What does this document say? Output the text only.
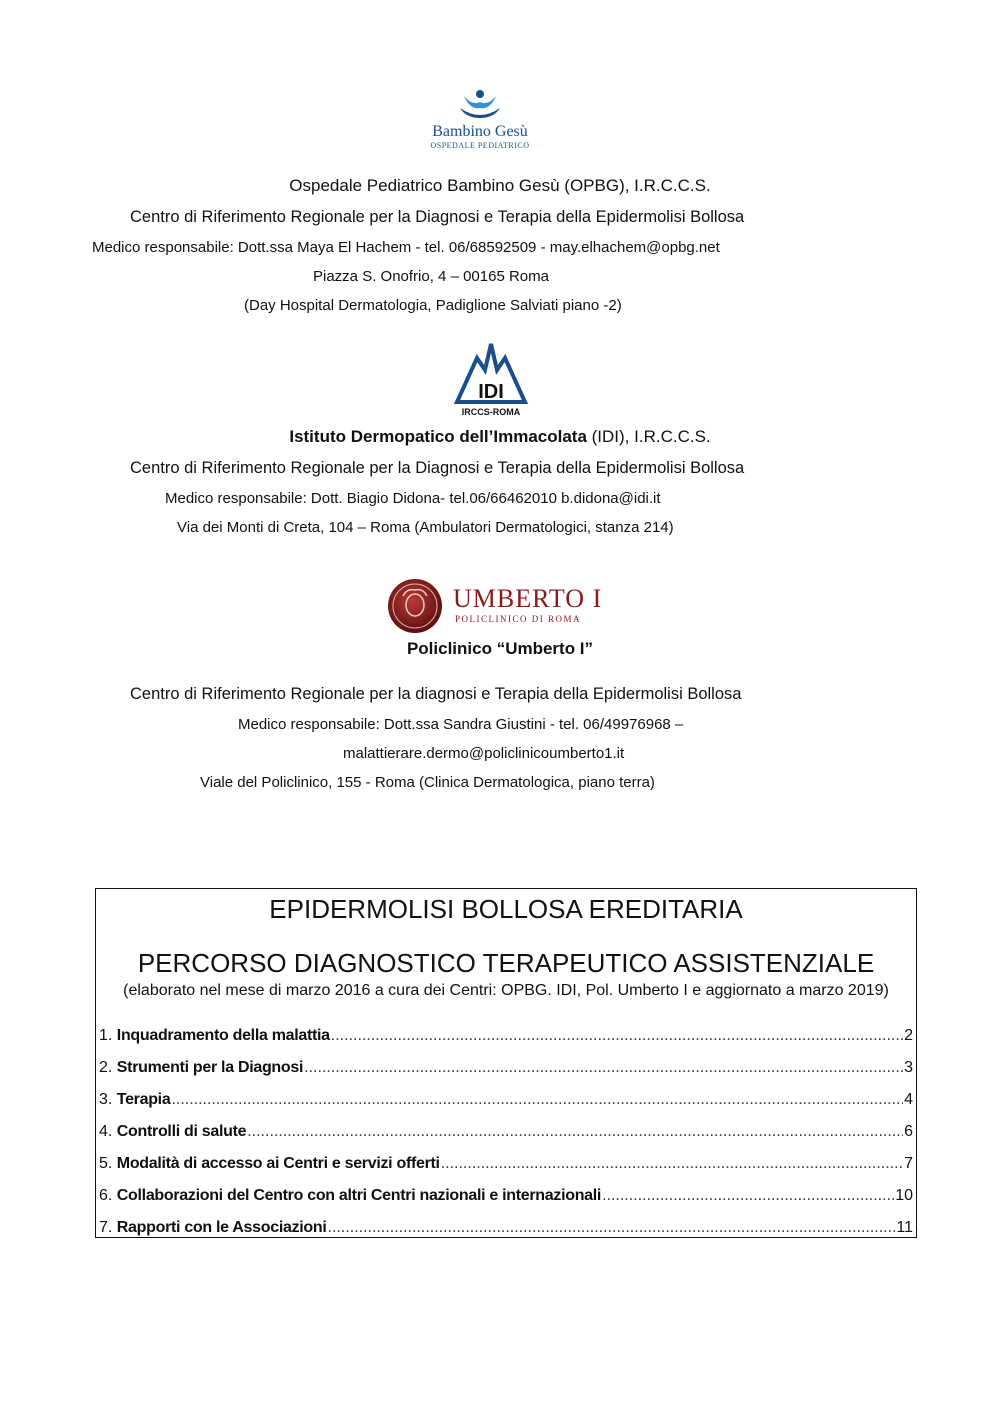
Bambino Gesù
OSPEDALE PEDIATRICO
Ospedale Pediatrico Bambino Gesù (OPBG), I.R.C.C.S.
Centro di Riferimento Regionale per la Diagnosi e Terapia della Epidermolisi Bollosa
Medico responsabile: Dott.ssa Maya El Hachem - tel. 06/68592509 - may.elhachem@opbg.net
Piazza S. Onofrio, 4 – 00165 Roma
(Day Hospital Dermatologia, Padiglione Salviati piano -2)
IDI
IRCCS-ROMA
Istituto Dermopatico dell’Immacolata (IDI), I.R.C.C.S.
Centro di Riferimento Regionale per la Diagnosi e Terapia della Epidermolisi Bollosa
Medico responsabile: Dott. Biagio Didona- tel.06/66462010 b.didona@idi.it
Via dei Monti di Creta, 104 – Roma (Ambulatori Dermatologici, stanza 214)
UMBERTO I
POLICLINICO DI ROMA
Policlinico “Umberto I”
Centro di Riferimento Regionale per la diagnosi e Terapia della Epidermolisi Bollosa
Medico responsabile: Dott.ssa Sandra Giustini - tel. 06/49976968 –
malattierare.dermo@policlinicoumberto1.it
Viale del Policlinico, 155 - Roma (Clinica Dermatologica, piano terra)
EPIDERMOLISI BOLLOSA EREDITARIA
PERCORSO DIAGNOSTICO TERAPEUTICO ASSISTENZIALE
(elaborato nel mese di marzo 2016 a cura dei Centri: OPBG. IDI, Pol. Umberto I e aggiornato a marzo 2019)
1.
Inquadramento della malattia .....	2
2.
Strumenti per la Diagnosi .....	3
3.
Terapia .....	4
4.
Controlli di salute .....	6
5.
Modalità di accesso ai Centri e servizi offerti .....	7
6.
Collaborazioni del Centro con altri Centri nazionali e internazionali .....	10
7.
Rapporti con le Associazioni .....	11
